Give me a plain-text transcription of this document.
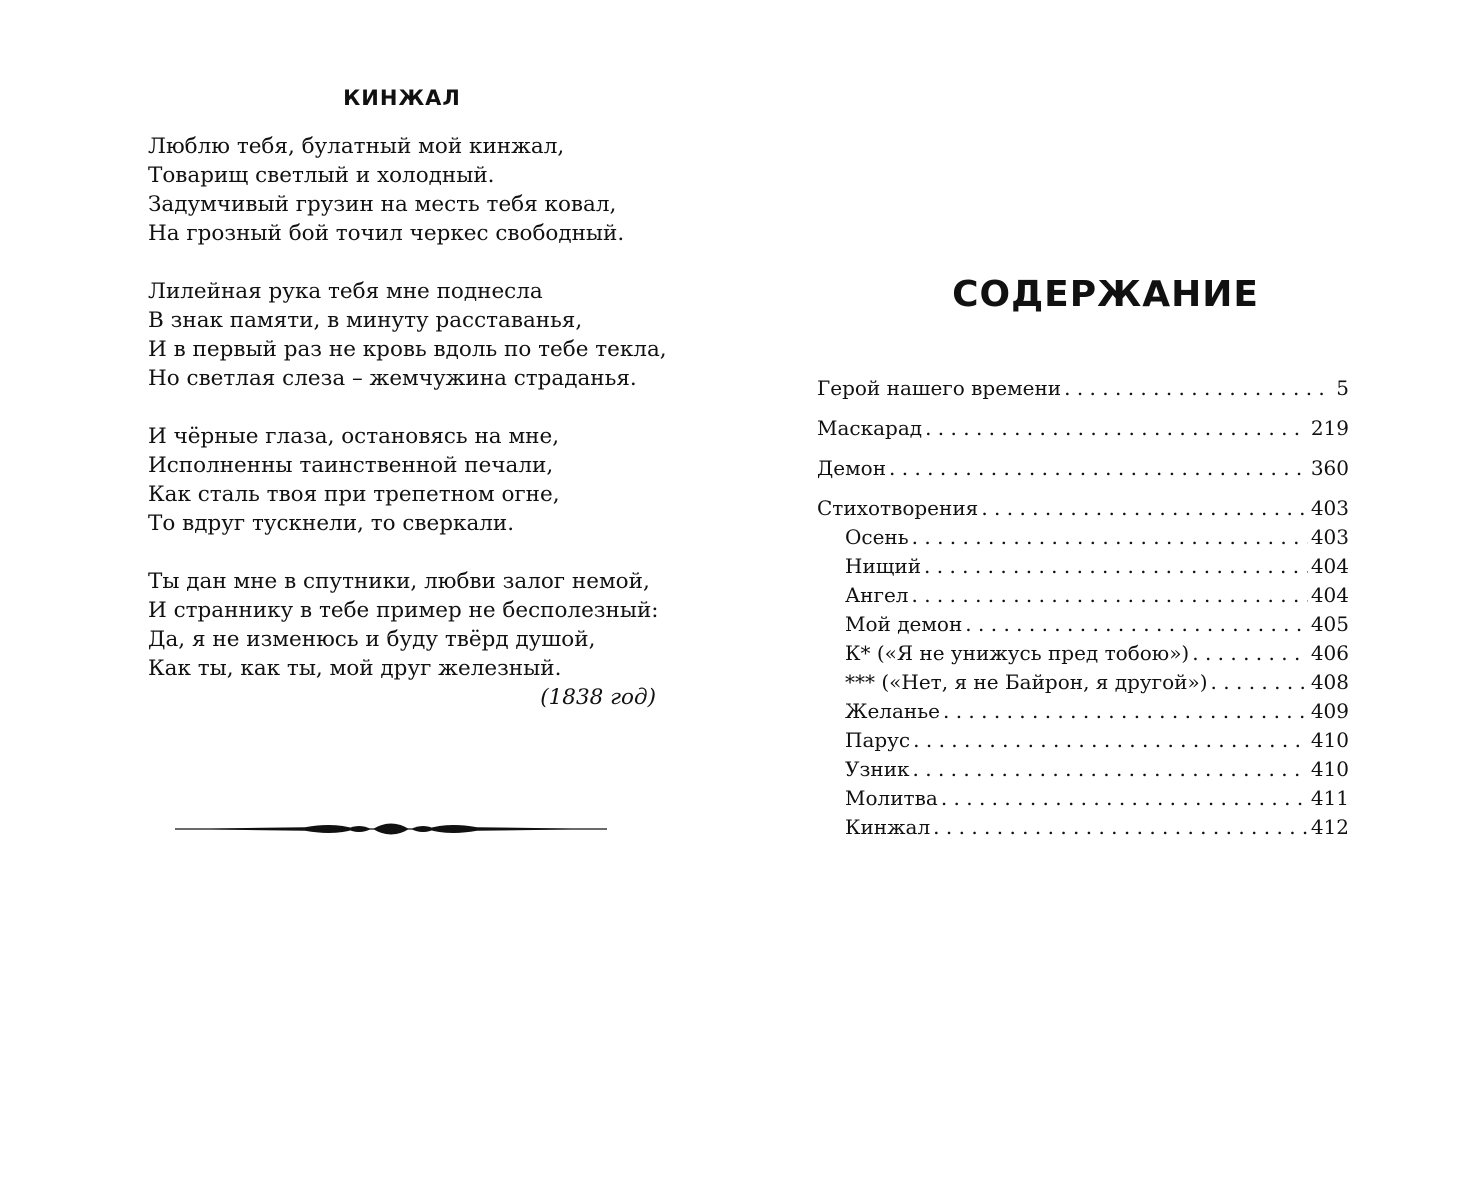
КИНЖАЛ

Люблю тебя, булатный мой кинжал,
Товарищ светлый и холодный.
Задумчивый грузин на месть тебя ковал,
На грозный бой точил черкес свободный.

Лилейная рука тебя мне поднесла
В знак памяти, в минуту расставанья,
И в первый раз не кровь вдоль по тебе текла,
Но светлая слеза – жемчужина страданья.

И чёрные глаза, остановясь на мне,
Исполненны таинственной печали,
Как сталь твоя при трепетном огне,
То вдруг тускнели, то сверкали.

Ты дан мне в спутники, любви залог немой,
И страннику в тебе пример не бесполезный:
Да, я не изменюсь и буду твёрд душой,
Как ты, как ты, мой друг железный.

(1838 год)
СОДЕРЖАНИЕ
Герой нашего времени . . .	5
Маскарад . . .	219
Демон . . .	360
Стихотворения . . .	403
Осень . . .	403
Нищий . . .	404
Ангел . . .	404
Мой демон . . .	405
К* («Я не унижусь пред тобою») . . .	406
*** («Нет, я не Байрон, я другой») . . .	408
Желанье . . .	409
Парус . . .	410
Узник . . .	410
Молитва . . .	411
Кинжал . . .	412
